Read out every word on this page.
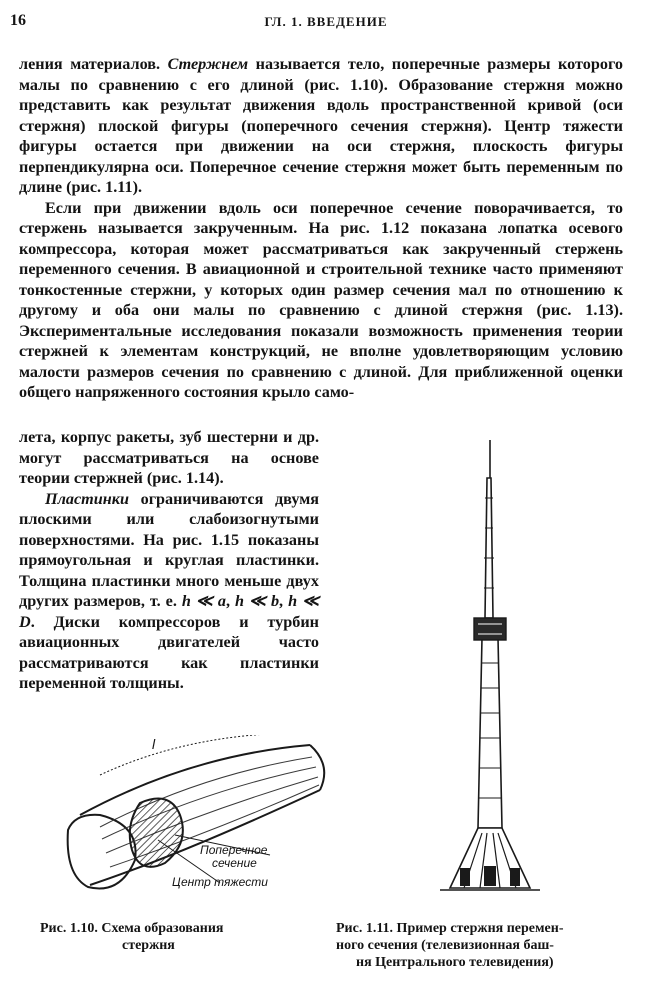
16	ГЛ. 1. ВВЕДЕНИЕ

ления материалов. Стержнем называется тело, поперечные размеры которого малы по сравнению с его длиной (рис. 1.10). Образование стержня можно представить как результат движения вдоль пространственной кривой (оси стержня) плоской фигуры (поперечного сечения стержня). Центр тяжести фигуры остается при движении на оси стержня, плоскость фигуры перпендикулярна оси. Поперечное сечение стержня может быть переменным по длине (рис. 1.11).

Если при движении вдоль оси поперечное сечение поворачивается, то стержень называется закрученным. На рис. 1.12 показана лопатка осевого компрессора, которая может рассматриваться как закрученный стержень переменного сечения. В авиационной и строительной технике часто применяют тонкостенные стержни, у которых один размер сечения мал по отношению к другому и оба они малы по сравнению с длиной стержня (рис. 1.13). Экспериментальные исследования показали возможность применения теории стержней к элементам конструкций, не вполне удовлетворяющим условию малости размеров сечения по сравнению с длиной. Для приближенной оценки общего напряженного состояния крыло само-

лета, корпус ракеты, зуб шестерни и др. могут рассматриваться на основе теории стержней (рис. 1.14).

Пластинки ограничиваются двумя плоскими или слабоизогнутыми поверхностями. На рис. 1.15 показаны прямоугольная и круглая пластинки. Толщина пластинки много меньше двух других размеров, т. е. h ≪ a, h ≪ b, h ≪ D. Диски компрессоров и турбин авиационных двигателей часто рассматриваются как пластинки переменной толщины.

l
Поперечное
сечение
Центр тяжести
Рис. 1.10. Схема образования
стержня
Рис. 1.11. Пример стержня перемен-
ного сечения (телевизионная баш-
ня Центрального телевидения)
